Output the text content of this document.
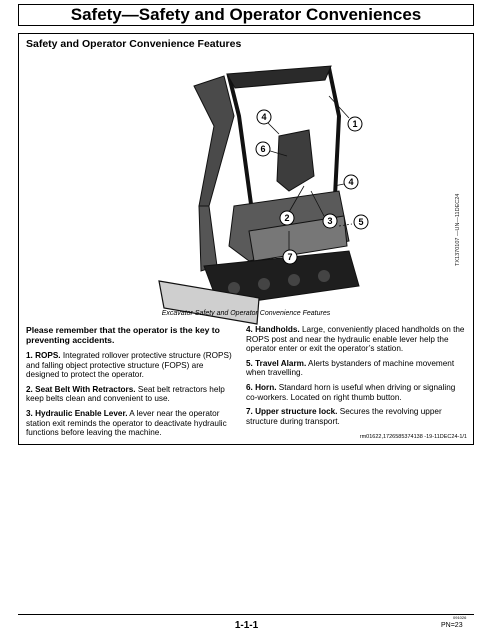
Safety—Safety and Operator Conveniences
Safety and Operator Convenience Features
1
4
6
2	3
4
5
7	TX1370107 —UN—11DEC24
Excavator Safety and Operator Convenience Features

Please remember that the operator is the key to preventing accidents.

1. ROPS. Integrated rollover protective structure (ROPS) and falling object protective structure (FOPS) are designed to protect the operator.

2. Seat Belt With Retractors. Seat belt retractors help keep belts clean and convenient to use.

3. Hydraulic Enable Lever. A lever near the operator station exit reminds the operator to deactivate hydraulic functions before leaving the machine.

4. Handholds. Large, conveniently placed handholds on the ROPS post and near the hydraulic enable lever help the operator enter or exit the operator’s station.

5. Travel Alarm. Alerts bystanders of machine movement when travelling.

6. Horn. Standard horn is useful when driving or signaling co-workers. Located on right thumb button.

7. Upper structure lock. Secures the revolving upper structure during transport.

rm01622,1726585374138 -19-11DEC24-1/1
1-1-1
091026
PN=23
